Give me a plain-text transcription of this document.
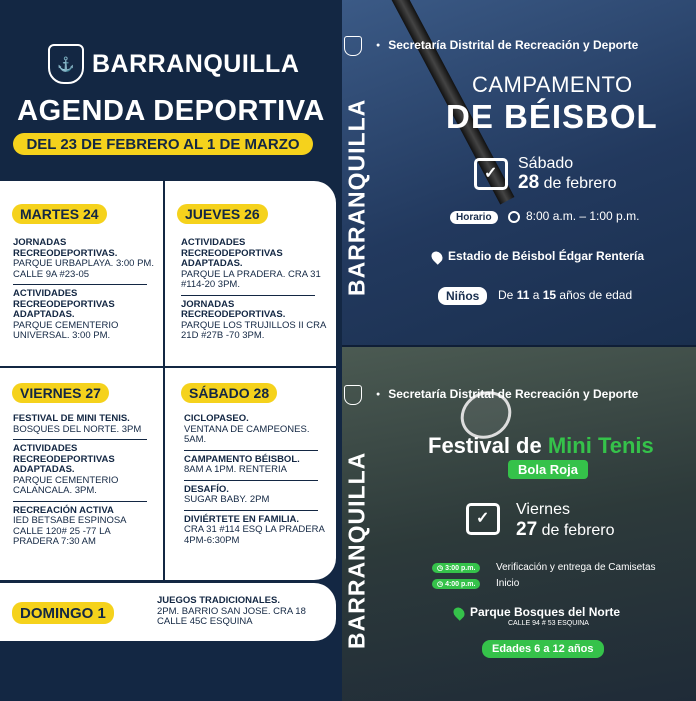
⚓ BARRANQUILLA
AGENDA DEPORTIVA
DEL 23 DE FEBRERO AL 1 DE MARZO
MARTES 24
JORNADAS RECREODEPORTIVAS.
PARQUE URBAPLAYA. 3:00 PM. CALLE 9A #23-05
ACTIVIDADES RECREODEPORTIVAS ADAPTADAS.
PARQUE CEMENTERIO UNIVERSAL. 3:00 PM.
JUEVES 26
ACTIVIDADES RECREODEPORTIVAS ADAPTADAS.
PARQUE LA PRADERA. CRA 31 #114-20 3PM.
JORNADAS RECREODEPORTIVAS.
PARQUE LOS TRUJILLOS II CRA 21D #27B -70 3PM.
VIERNES 27
FESTIVAL DE MINI TENIS.
BOSQUES DEL NORTE. 3PM
ACTIVIDADES RECREODEPORTIVAS ADAPTADAS.
PARQUE CEMENTERIO CALANCALA. 3PM.
RECREACIÓN ACTIVA
IED BETSABE ESPINOSA CALLE 120# 25 -77 LA PRADERA 7:30 AM
SÁBADO 28
CICLOPASEO.
VENTANA DE CAMPEONES. 5AM.
CAMPAMENTO BÉISBOL.
8AM A 1PM. RENTERIA
DESAFÍO.
SUGAR BABY. 2PM
DIVIÉRTETE EN FAMILIA.
CRA 31 #114 ESQ LA PRADERA 4PM-6:30PM
DOMINGO 1
JUEGOS TRADICIONALES.
2PM. BARRIO SAN JOSE. CRA 18 CALLE 45C ESQUINA
BARRANQUILLA
● Secretaría Distrital de Recreación y Deporte
CAMPAMENTO
DE BÉISBOL
✓
Sábado
28 de febrero
Horario	8:00 a.m. – 1:00 p.m.
Estadio de Béisbol Édgar Rentería
Niños	De 11 a 15 años de edad
BARRANQUILLA
● Secretaría Distrital de Recreación y Deporte
Festival de Mini Tenis
Bola Roja
✓
Viernes
27 de febrero
◷ 3:00 p.m.	Verificación y entrega de Camisetas
◷ 4:00 p.m.	Inicio
Parque Bosques del Norte
CALLE 94 # 53 ESQUINA
Edades 6 a 12 años
